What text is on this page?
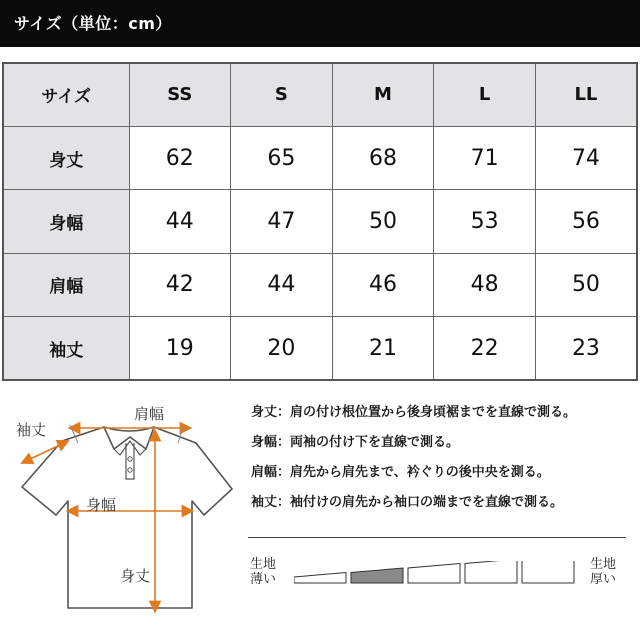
サイズ（単位：cm）
サイズ	SS	S	M	L	LL
身丈	62	65	68	71	74
身幅	44	47	50	53	56
肩幅	42	44	46	48	50
袖丈	19	20	21	22	23
肩幅
袖丈
身幅
身丈
身丈：肩の付け根位置から後身頃裾までを直線で測る。
身幅：両袖の付け下を直線で測る。
肩幅：肩先から肩先まで、衿ぐりの後中央を測る。
袖丈：袖付けの肩先から袖口の端までを直線で測る。
生地
薄い
生地
厚い
